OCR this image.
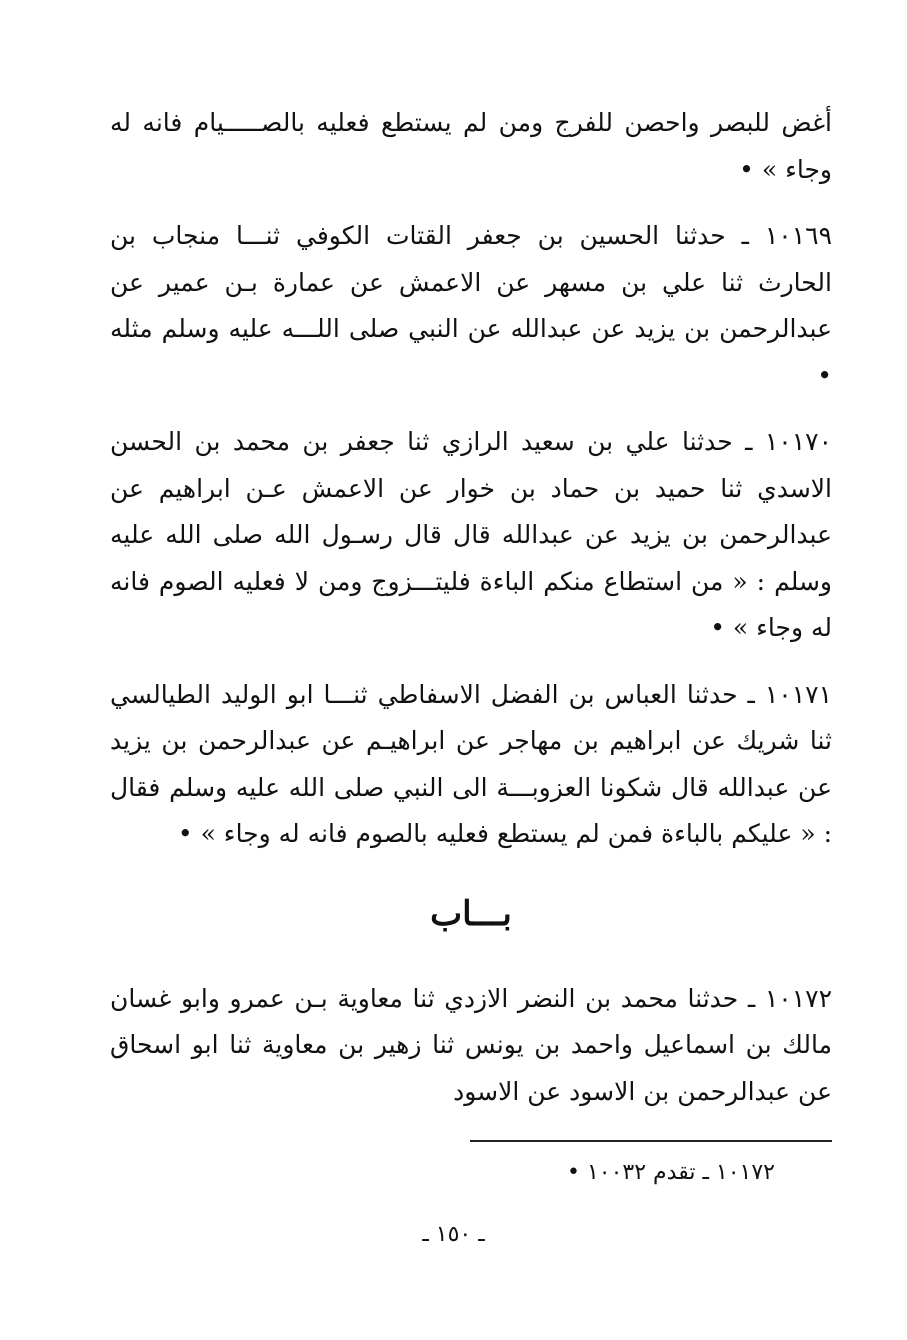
أغض للبصر واحصن للفرج ومن لم يستطع فعليه بالصـــــيام فانه له وجاء » •

١٠١٦٩ ـ حدثنا الحسين بن جعفر القتات الكوفي ثنـــا منجاب بن الحارث ثنا علي بن مسهر عن الاعمش عن عمارة بـن عمير عن عبدالرحمن بن يزيد عن عبدالله عن النبي صلى اللـــه عليه وسلم مثله •

١٠١٧٠ ـ حدثنا علي بن سعيد الرازي ثنا جعفر بن محمد بن الحسن الاسدي ثنا حميد بن حماد بن خوار عن الاعمش عـن ابراهيم عن عبدالرحمن بن يزيد عن عبدالله قال قال رسـول الله صلى الله عليه وسلم : « من استطاع منكم الباءة فليتـــزوج ومن لا فعليه الصوم فانه له وجاء » •

١٠١٧١ ـ حدثنا العباس بن الفضل الاسفاطي ثنـــا ابو الوليد الطيالسي ثنا شريك عن ابراهيم بن مهاجر عن ابراهيـم عن عبدالرحمن بن يزيد عن عبدالله قال شكونا العزوبـــة الى النبي صلى الله عليه وسلم فقال : « عليكم بالباءة فمن لم يستطع فعليه بالصوم فانه له وجاء » •

بـــاب

١٠١٧٢ ـ حدثنا محمد بن النضر الازدي ثنا معاوية بـن عمرو وابو غسان مالك بن اسماعيل واحمد بن يونس ثنا زهير بن معاوية ثنا ابو اسحاق عن عبدالرحمن بن الاسود عن الاسود

١٠١٧٢ ـ تقدم ١٠٠٣٢ •
ـ ١٥٠ ـ
